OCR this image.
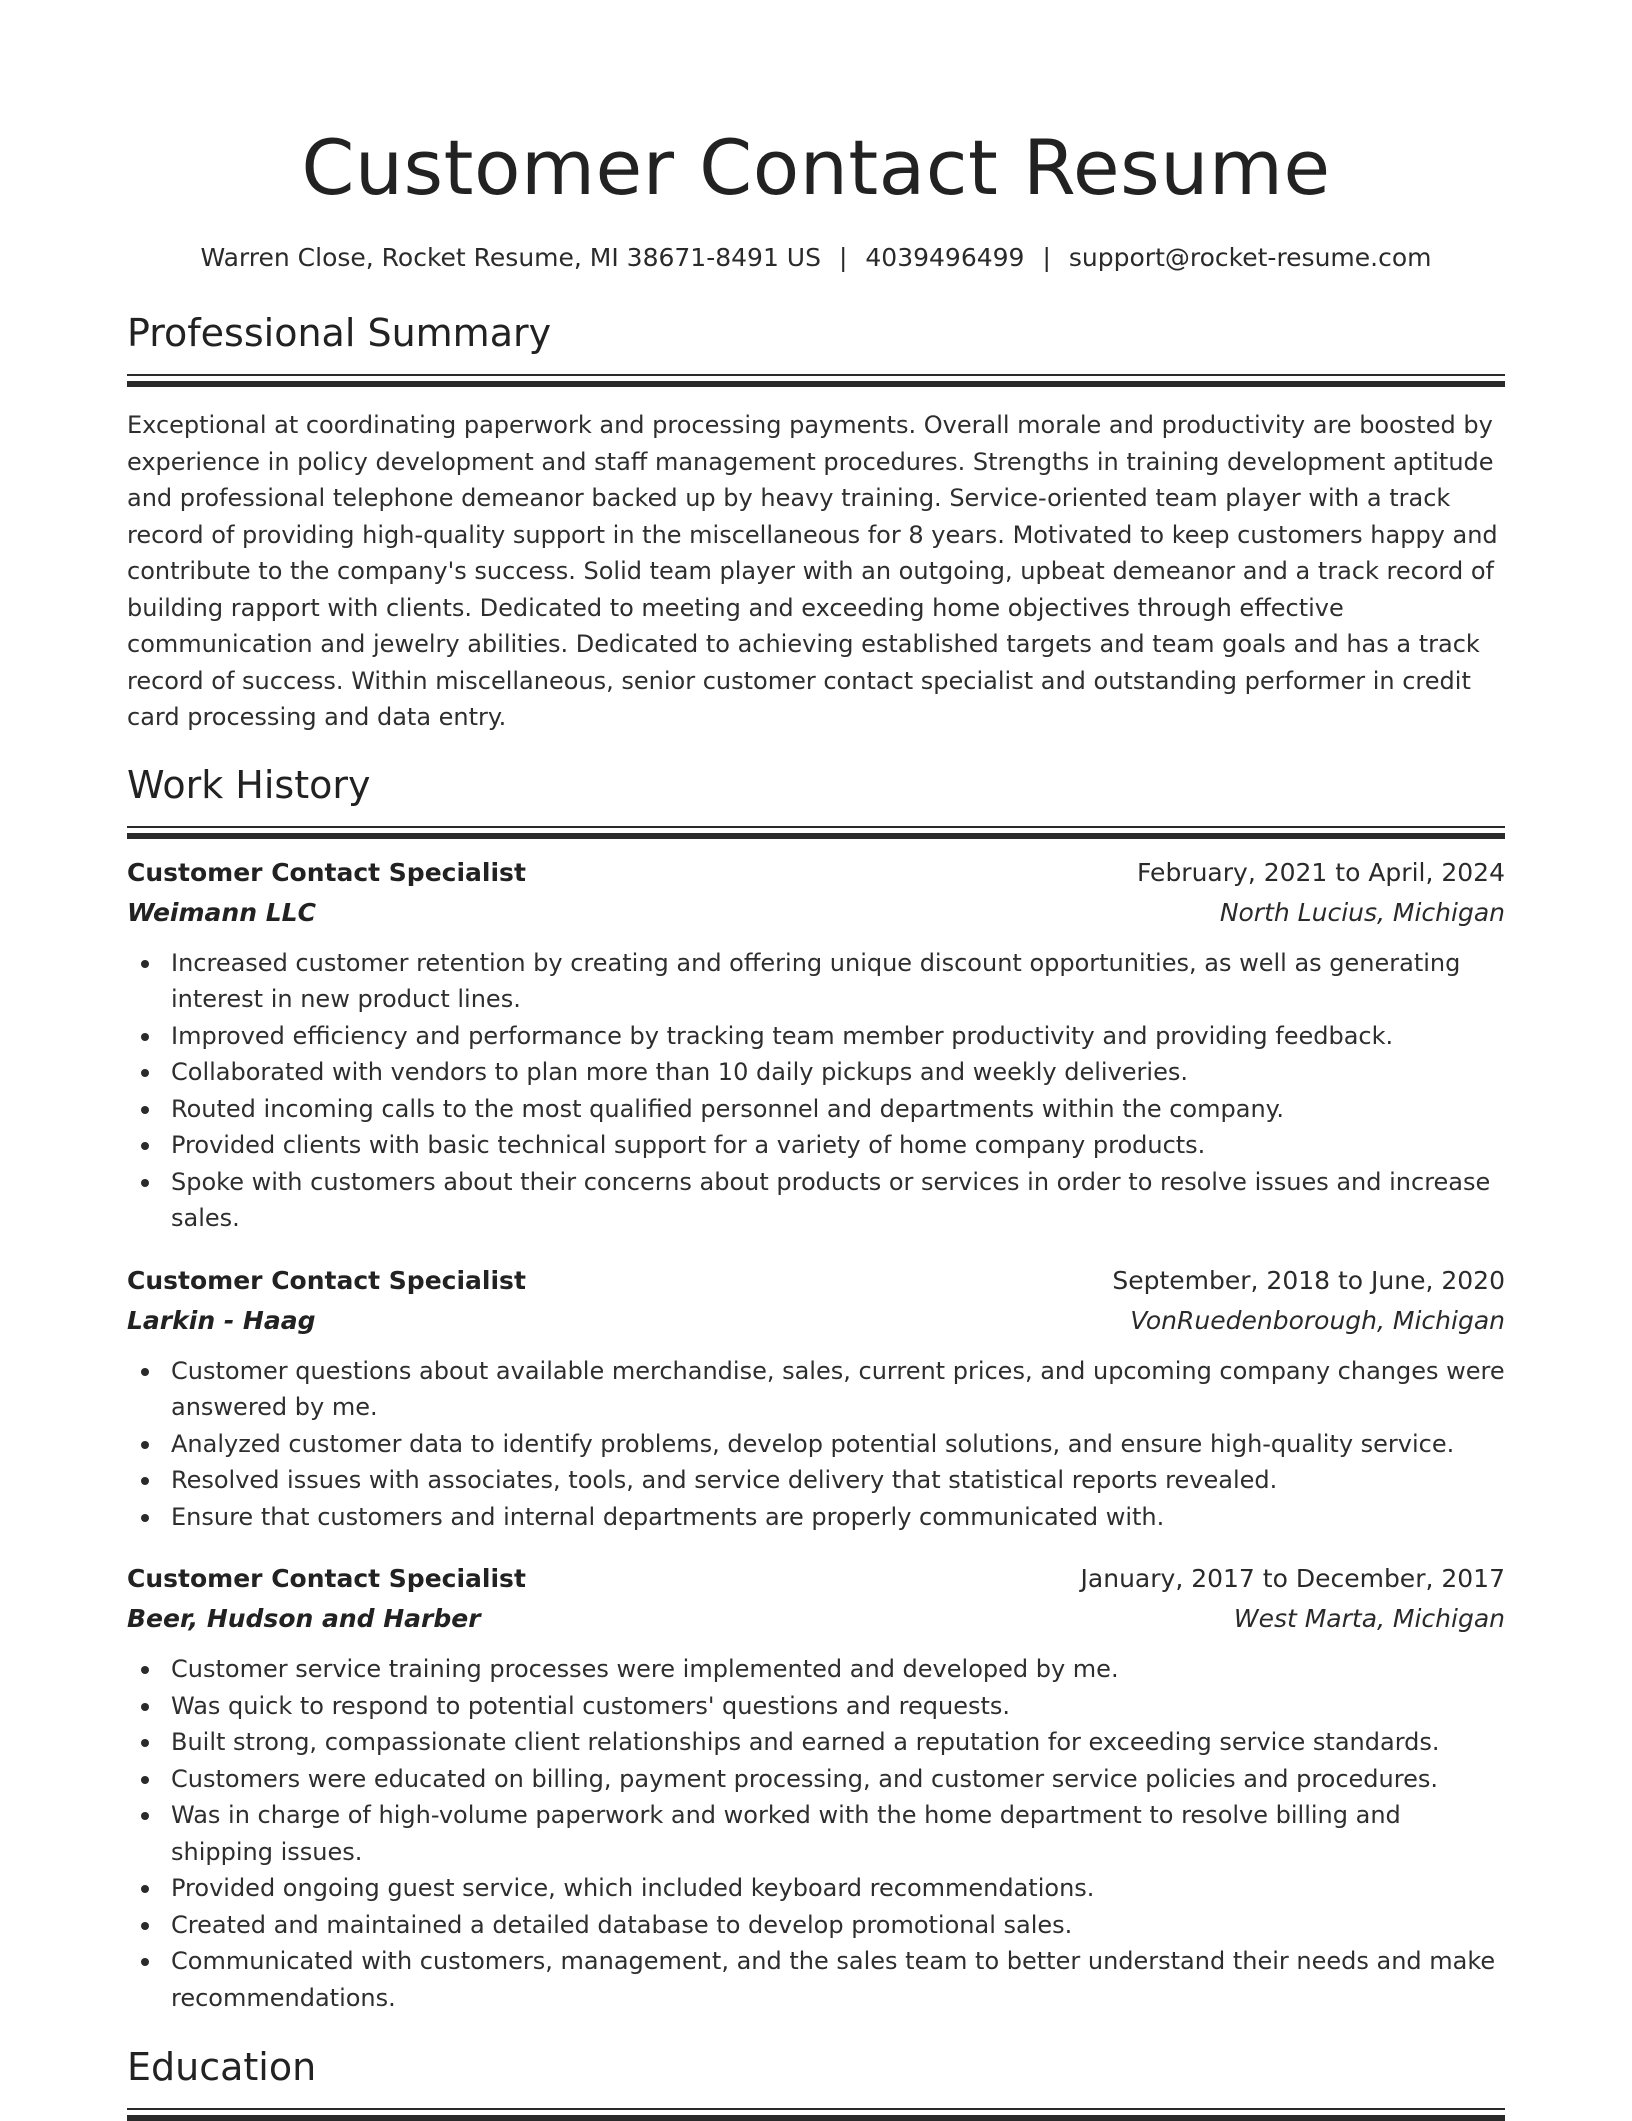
Customer Contact Resume
Warren Close, Rocket Resume, MI 38671-8491 US | 4039496499 | support@rocket-resume.com
Professional Summary

Exceptional at coordinating paperwork and processing payments. Overall morale and productivity are boosted by experience in policy development and staff management procedures. Strengths in training development aptitude and professional telephone demeanor backed up by heavy training. Service-oriented team player with a track record of providing high-quality support in the miscellaneous for 8 years. Motivated to keep customers happy and contribute to the company's success. Solid team player with an outgoing, upbeat demeanor and a track record of building rapport with clients. Dedicated to meeting and exceeding home objectives through effective communication and jewelry abilities. Dedicated to achieving established targets and team goals and has a track record of success. Within miscellaneous, senior customer contact specialist and outstanding performer in credit card processing and data entry.

Work History
Customer Contact Specialist	February, 2021 to April, 2024
Weimann LLC	North Lucius, Michigan
Increased customer retention by creating and offering unique discount opportunities, as well as generating interest in new product lines.
Improved efficiency and performance by tracking team member productivity and providing feedback.
Collaborated with vendors to plan more than 10 daily pickups and weekly deliveries.
Routed incoming calls to the most qualified personnel and departments within the company.
Provided clients with basic technical support for a variety of home company products.
Spoke with customers about their concerns about products or services in order to resolve issues and increase sales.
Customer Contact Specialist	September, 2018 to June, 2020
Larkin - Haag	VonRuedenborough, Michigan
Customer questions about available merchandise, sales, current prices, and upcoming company changes were answered by me.
Analyzed customer data to identify problems, develop potential solutions, and ensure high-quality service.
Resolved issues with associates, tools, and service delivery that statistical reports revealed.
Ensure that customers and internal departments are properly communicated with.
Customer Contact Specialist	January, 2017 to December, 2017
Beer, Hudson and Harber	West Marta, Michigan
Customer service training processes were implemented and developed by me.
Was quick to respond to potential customers' questions and requests.
Built strong, compassionate client relationships and earned a reputation for exceeding service standards.
Customers were educated on billing, payment processing, and customer service policies and procedures.
Was in charge of high-volume paperwork and worked with the home department to resolve billing and shipping issues.
Provided ongoing guest service, which included keyboard recommendations.
Created and maintained a detailed database to develop promotional sales.
Communicated with customers, management, and the sales team to better understand their needs and make recommendations.
Education
